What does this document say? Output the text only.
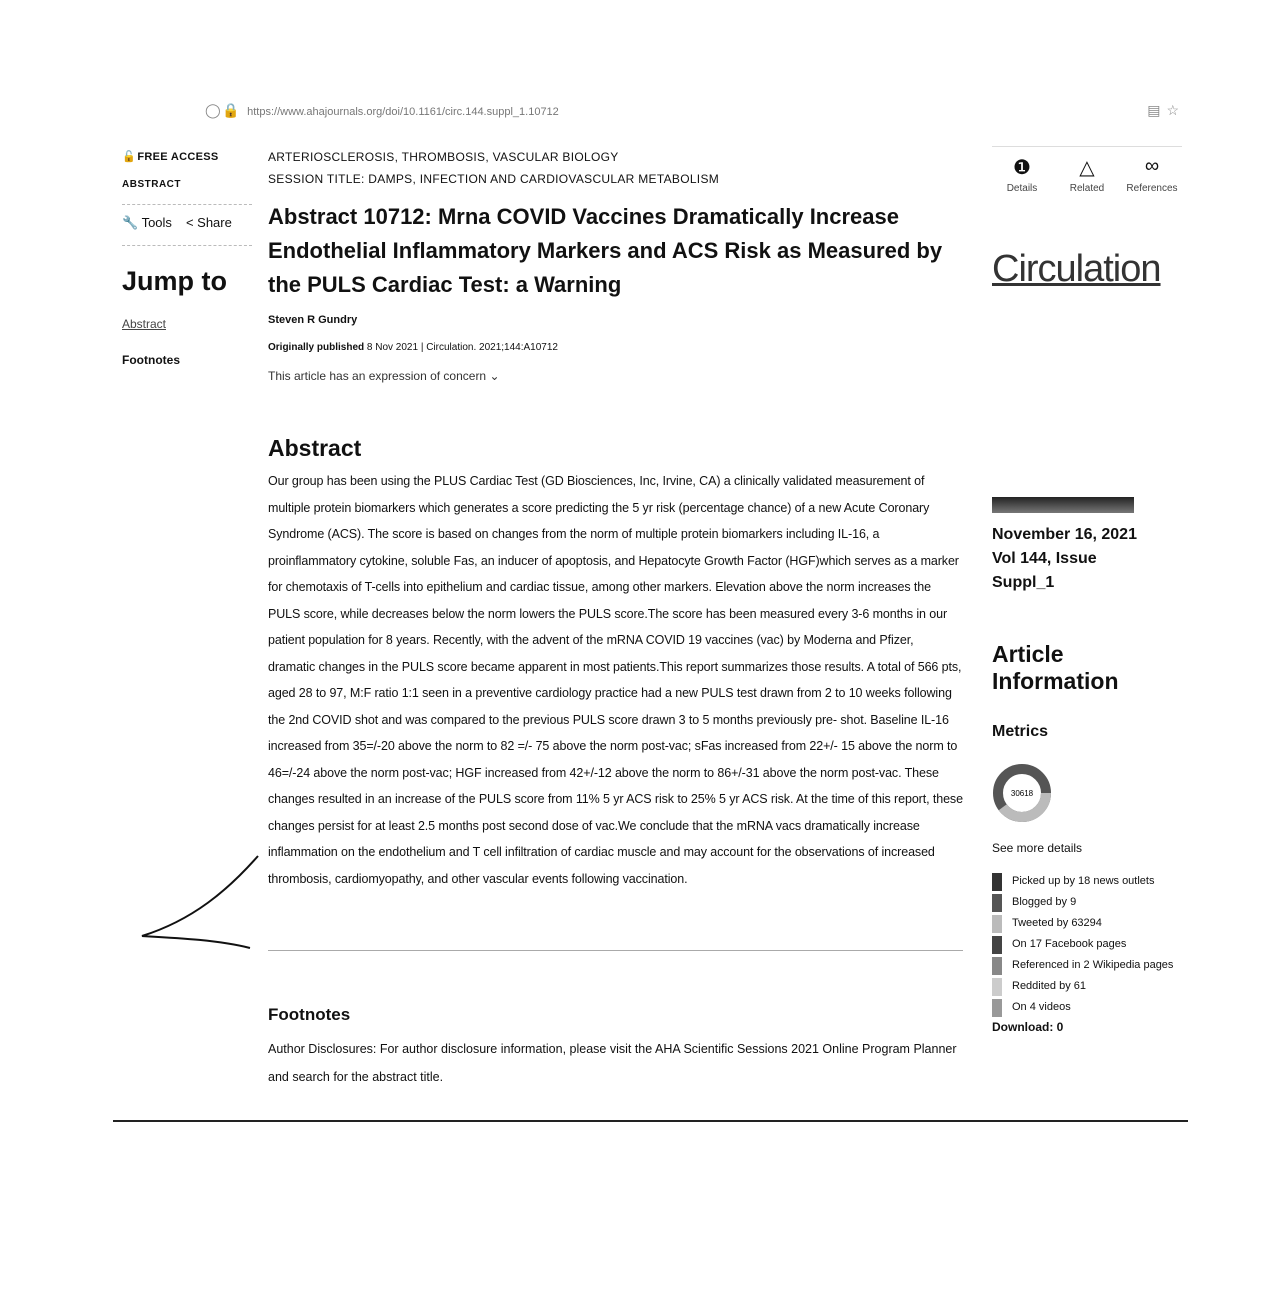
◯ 🔒 https://www.ahajournals.org/doi/10.1161/circ.144.suppl_1.10712	▤☆
🔓 FREE ACCESS
ABSTRACT
🔧 Tools < Share
Jump to
Abstract
Footnotes
ARTERIOSCLEROSIS, THROMBOSIS, VASCULAR BIOLOGY
SESSION TITLE: DAMPS, INFECTION AND CARDIOVASCULAR METABOLISM
Abstract 10712: Mrna COVID Vaccines Dramatically Increase Endothelial Inflammatory Markers and ACS Risk as Measured by the PULS Cardiac Test: a Warning
Steven R Gundry
Originally published 8 Nov 2021 | Circulation. 2021;144:A10712
This article has an expression of concern ⌄
Abstract
Our group has been using the PLUS Cardiac Test (GD Biosciences, Inc, Irvine, CA) a clinically validated measurement of multiple protein biomarkers which generates a score predicting the 5 yr risk (percentage chance) of a new Acute Coronary Syndrome (ACS). The score is based on changes from the norm of multiple protein biomarkers including IL-16, a proinflammatory cytokine, soluble Fas, an inducer of apoptosis, and Hepatocyte Growth Factor (HGF)which serves as a marker for chemotaxis of T-cells into epithelium and cardiac tissue, among other markers. Elevation above the norm increases the PULS score, while decreases below the norm lowers the PULS score.The score has been measured every 3-6 months in our patient population for 8 years. Recently, with the advent of the mRNA COVID 19 vaccines (vac) by Moderna and Pfizer, dramatic changes in the PULS score became apparent in most patients.This report summarizes those results. A total of 566 pts, aged 28 to 97, M:F ratio 1:1 seen in a preventive cardiology practice had a new PULS test drawn from 2 to 10 weeks following the 2nd COVID shot and was compared to the previous PULS score drawn 3 to 5 months previously pre- shot. Baseline IL-16 increased from 35=/-20 above the norm to 82 =/- 75 above the norm post-vac; sFas increased from 22+/- 15 above the norm to 46=/-24 above the norm post-vac; HGF increased from 42+/-12 above the norm to 86+/-31 above the norm post-vac. These changes resulted in an increase of the PULS score from 11% 5 yr ACS risk to 25% 5 yr ACS risk. At the time of this report, these changes persist for at least 2.5 months post second dose of vac.We conclude that the mRNA vacs dramatically increase inflammation on the endothelium and T cell infiltration of cardiac muscle and may account for the observations of increased thrombosis, cardiomyopathy, and other vascular events following vaccination.
Footnotes
Author Disclosures: For author disclosure information, please visit the AHA Scientific Sessions 2021 Online Program Planner and search for the abstract title.
❶
Details
△
Related
∞
References
Circulation
November 16, 2021
Vol 144, Issue
Suppl_1
Article Information
Metrics
30618
See more details
Picked up by 18 news outlets
Blogged by 9
Tweeted by 63294
On 17 Facebook pages
Referenced in 2 Wikipedia pages
Reddited by 61
On 4 videos
Download: 0
